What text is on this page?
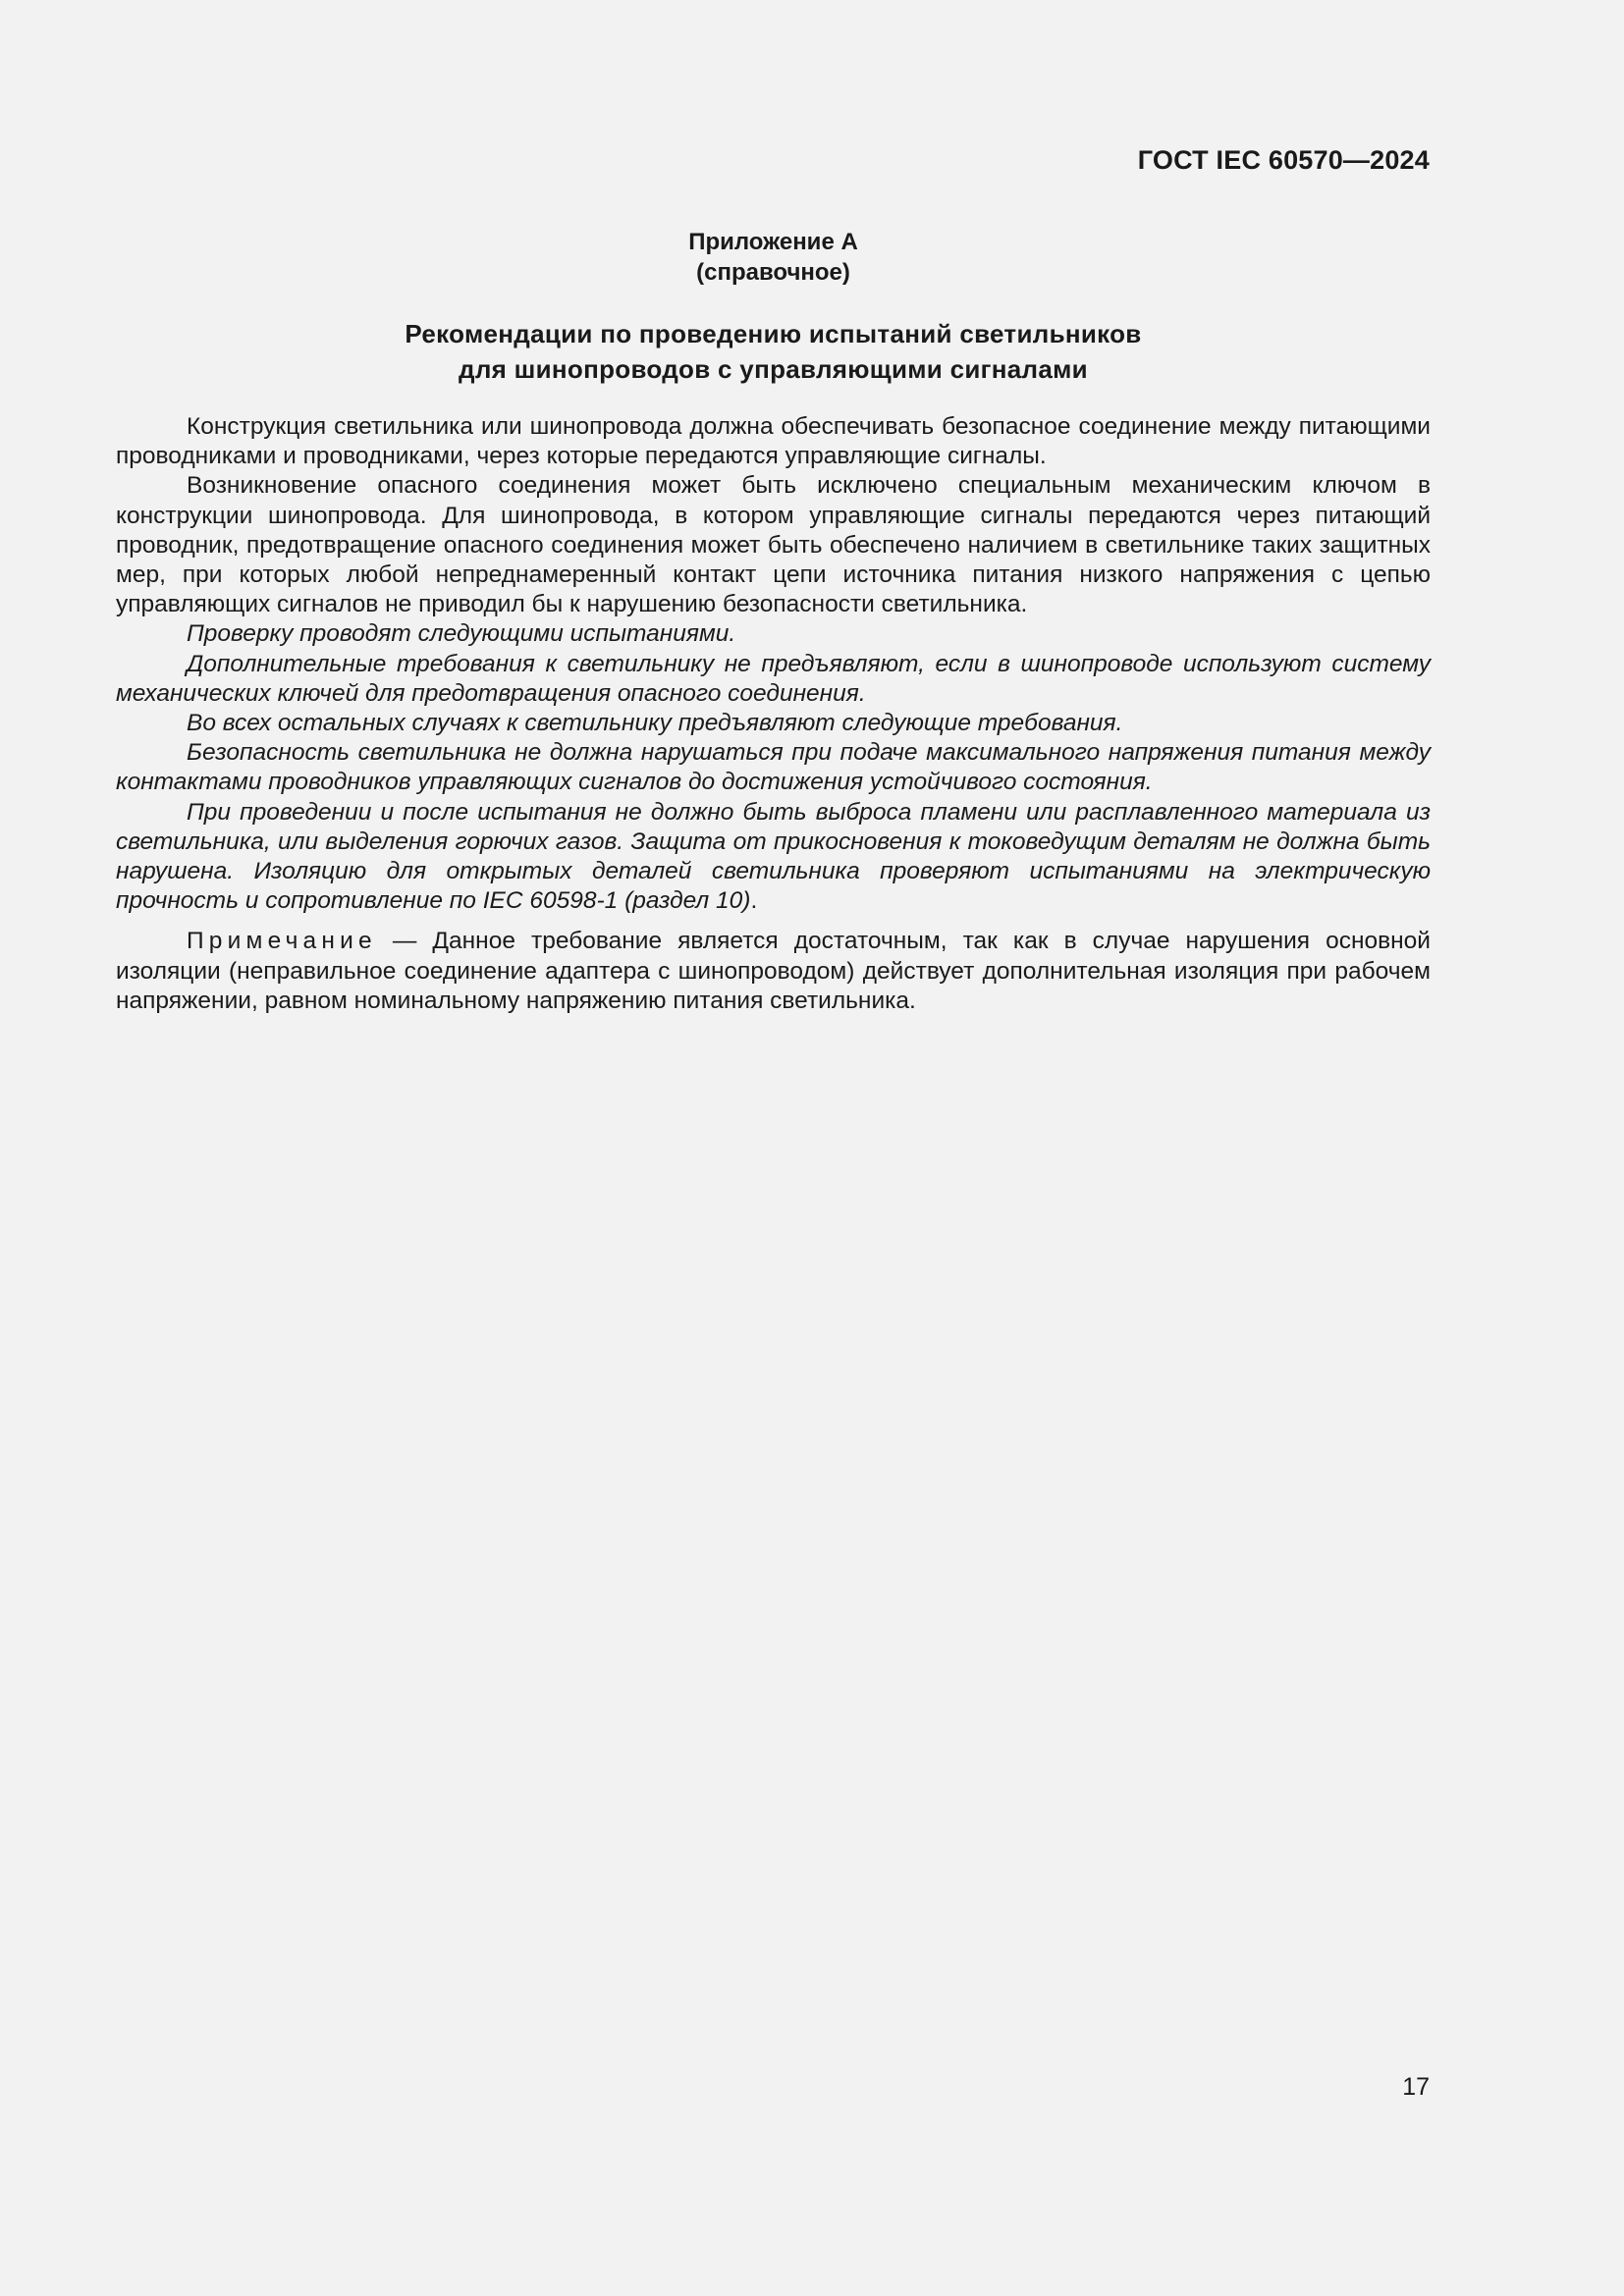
ГОСТ IEC 60570—2024
Приложение А
(справочное)
Рекомендации по проведению испытаний светильников
для шинопроводов с управляющими сигналами

Конструкция светильника или шинопровода должна обеспечивать безопасное соединение между питающими проводниками и проводниками, через которые передаются управляющие сигналы.

Возникновение опасного соединения может быть исключено специальным механическим ключом в конструкции шинопровода. Для шинопровода, в котором управляющие сигналы передаются через питающий проводник, предотвращение опасного соединения может быть обеспечено наличием в светильнике таких защитных мер, при которых любой непреднамеренный контакт цепи источника питания низкого напряжения с цепью управляющих сигналов не приводил бы к нарушению безопасности светильника.

Проверку проводят следующими испытаниями.

Дополнительные требования к светильнику не предъявляют, если в шинопроводе используют систему механических ключей для предотвращения опасного соединения.

Во всех остальных случаях к светильнику предъявляют следующие требования.

Безопасность светильника не должна нарушаться при подаче максимального напряжения питания между контактами проводников управляющих сигналов до достижения устойчивого состояния.

При проведении и после испытания не должно быть выброса пламени или расплавленного материала из светильника, или выделения горючих газов. Защита от прикосновения к токоведущим деталям не должна быть нарушена. Изоляцию для открытых деталей светильника проверяют испытаниями на электрическую прочность и сопротивление по IEC 60598-1 (раздел 10).

Примечание — Данное требование является достаточным, так как в случае нарушения основной изоляции (неправильное соединение адаптера с шинопроводом) действует дополнительная изоляция при рабочем напряжении, равном номинальному напряжению питания светильника.

17
